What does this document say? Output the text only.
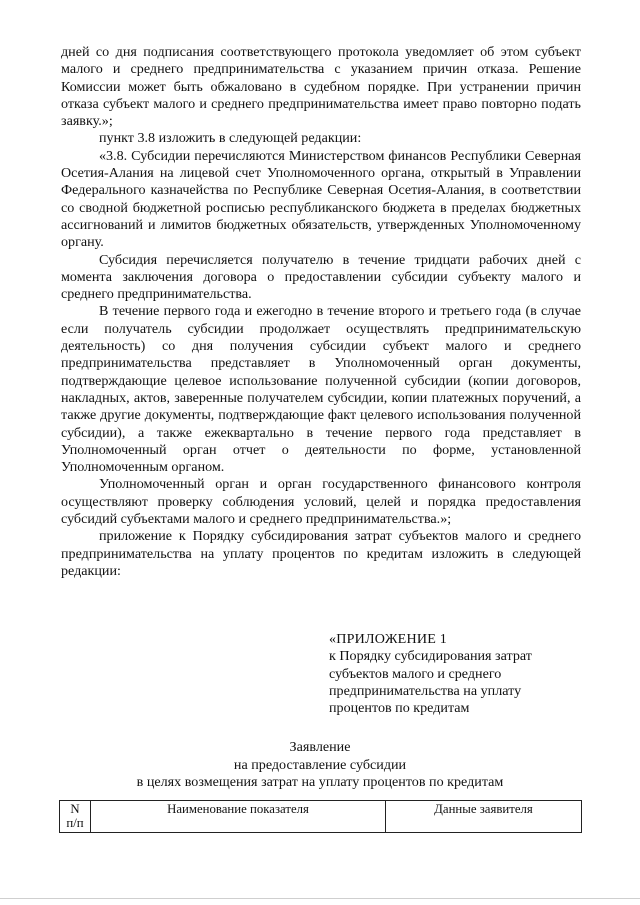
дней со дня подписания соответствующего протокола уведомляет об этом субъект малого и среднего предпринимательства с указанием причин отказа. Решение Комиссии может быть обжаловано в судебном порядке. При устранении причин отказа субъект малого и среднего предпринимательства имеет право повторно подать заявку.»;

пункт 3.8 изложить в следующей редакции:

«3.8. Субсидии перечисляются Министерством финансов Республики Северная Осетия-Алания на лицевой счет Уполномоченного органа, открытый в Управлении Федерального казначейства по Республике Северная Осетия-Алания, в соответствии со сводной бюджетной росписью республиканского бюджета в пределах бюджетных ассигнований и лимитов бюджетных обязательств, утвержденных Уполномоченному органу.

Субсидия перечисляется получателю в течение тридцати рабочих дней с момента заключения договора о предоставлении субсидии субъекту малого и среднего предпринимательства.

В течение первого года и ежегодно в течение второго и третьего года (в случае если получатель субсидии продолжает осуществлять предпринимательскую деятельность) со дня получения субсидии субъект малого и среднего предпринимательства представляет в Уполномоченный орган документы, подтверждающие целевое использование полученной субсидии (копии договоров, накладных, актов, заверенные получателем субсидии, копии платежных поручений, а также другие документы, подтверждающие факт целевого использования полученной субсидии), а также ежеквартально в течение первого года представляет в Уполномоченный орган отчет о деятельности по форме, установленной Уполномоченным органом.

Уполномоченный орган и орган государственного финансового контроля осуществляют проверку соблюдения условий, целей и порядка предоставления субсидий субъектами малого и среднего предпринимательства.»;

приложение к Порядку субсидирования затрат субъектов малого и среднего предпринимательства на уплату процентов по кредитам изложить в следующей редакции:

«ПРИЛОЖЕНИЕ 1
к Порядку субсидирования затрат
субъектов малого и среднего
предпринимательства на уплату
процентов по кредитам
Заявление
на предоставление субсидии
в целях возмещения затрат на уплату процентов по кредитам
N
п/п	Наименование показателя	Данные заявителя
